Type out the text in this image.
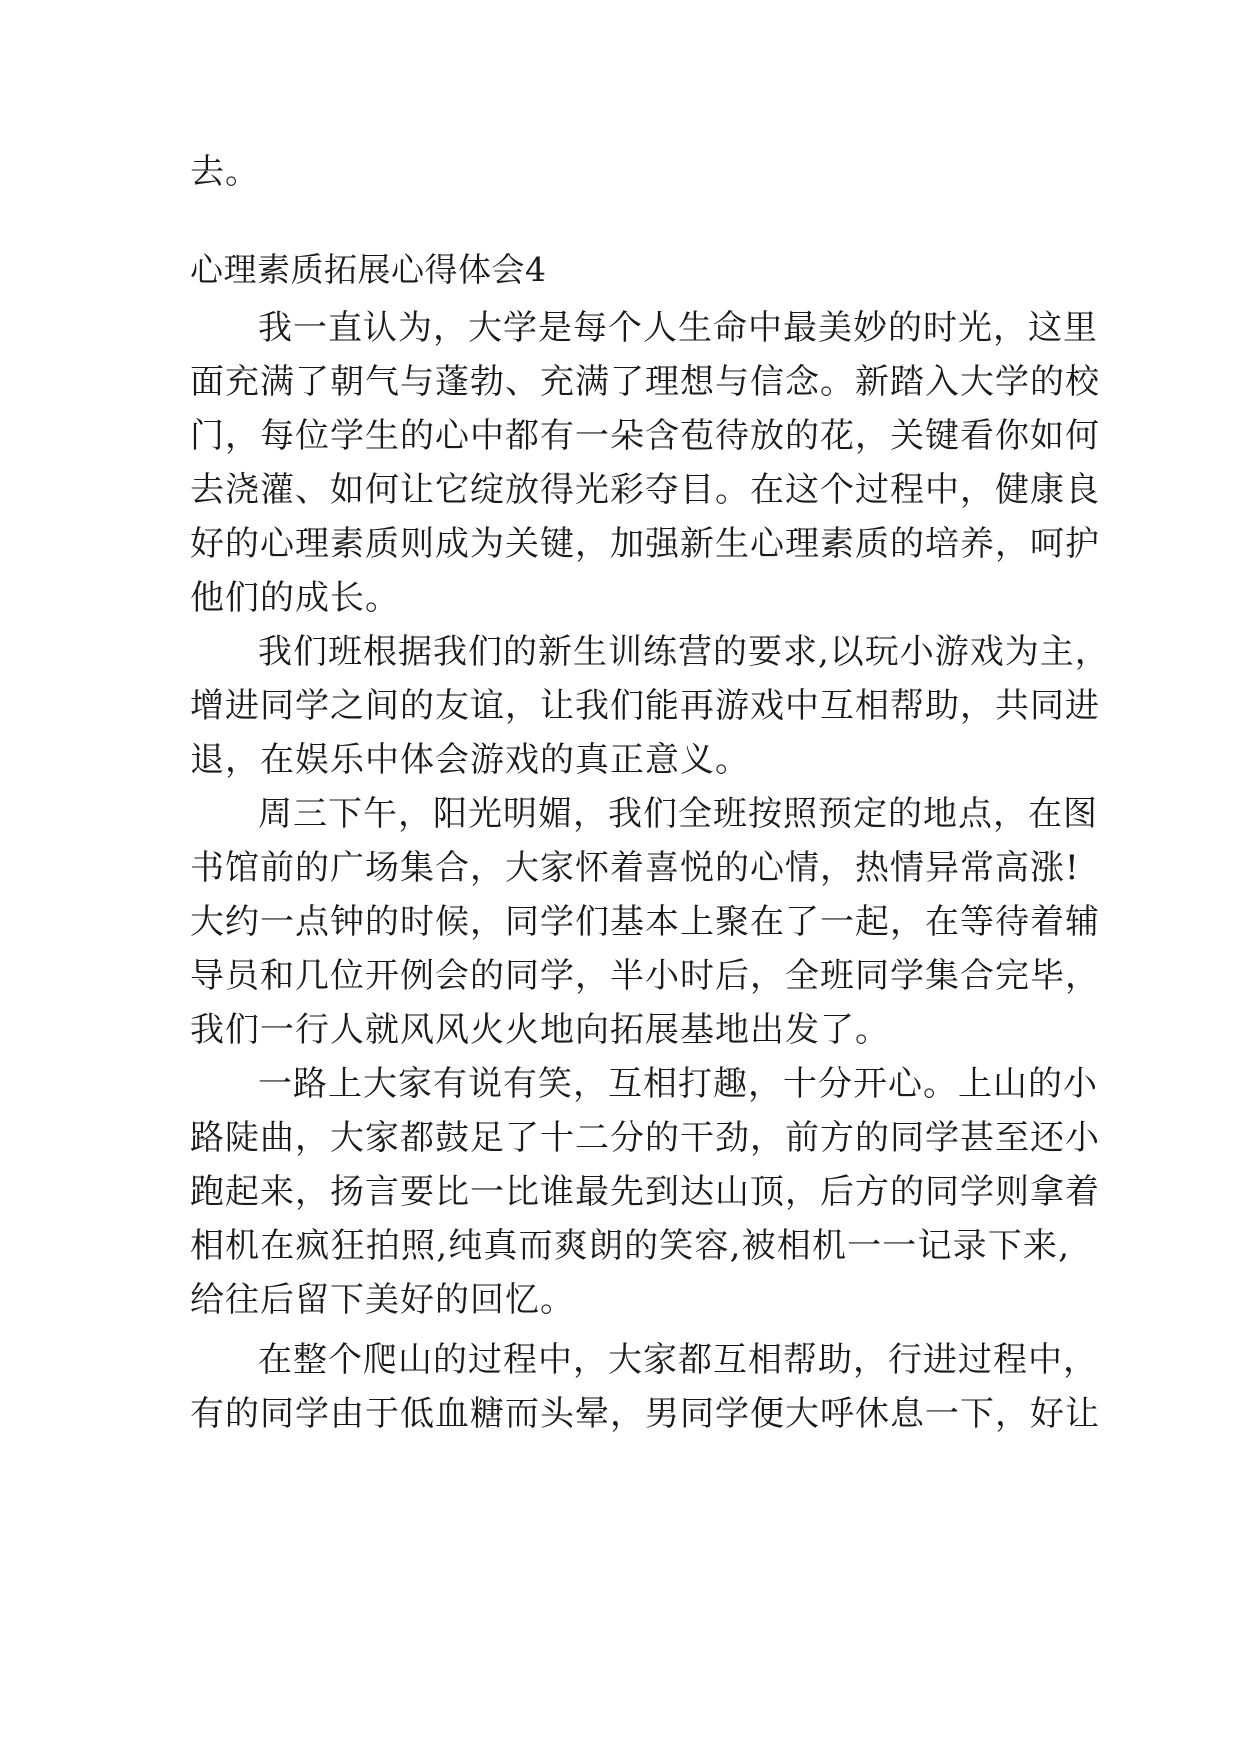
去。
心理素质拓展心得体会4
我一直认为，大学是每个人生命中最美妙的时光，这里
面充满了朝气与蓬勃、充满了理想与信念。新踏入大学的校
门，每位学生的心中都有一朵含苞待放的花，关键看你如何
去浇灌、如何让它绽放得光彩夺目。在这个过程中，健康良
好的心理素质则成为关键，加强新生心理素质的培养，呵护
他们的成长。
我们班根据我们的新生训练营的要求,以玩小游戏为主，
增进同学之间的友谊，让我们能再游戏中互相帮助，共同进
退，在娱乐中体会游戏的真正意义。
周三下午，阳光明媚，我们全班按照预定的地点，在图
书馆前的广场集合，大家怀着喜悦的心情，热情异常高涨!
大约一点钟的时候，同学们基本上聚在了一起，在等待着辅
导员和几位开例会的同学，半小时后，全班同学集合完毕，
我们一行人就风风火火地向拓展基地出发了。
一路上大家有说有笑，互相打趣，十分开心。上山的小
路陡曲，大家都鼓足了十二分的干劲，前方的同学甚至还小
跑起来，扬言要比一比谁最先到达山顶，后方的同学则拿着
相机在疯狂拍照,纯真而爽朗的笑容,被相机一一记录下来,
给往后留下美好的回忆。
在整个爬山的过程中，大家都互相帮助，行进过程中，
有的同学由于低血糖而头晕，男同学便大呼休息一下，好让
